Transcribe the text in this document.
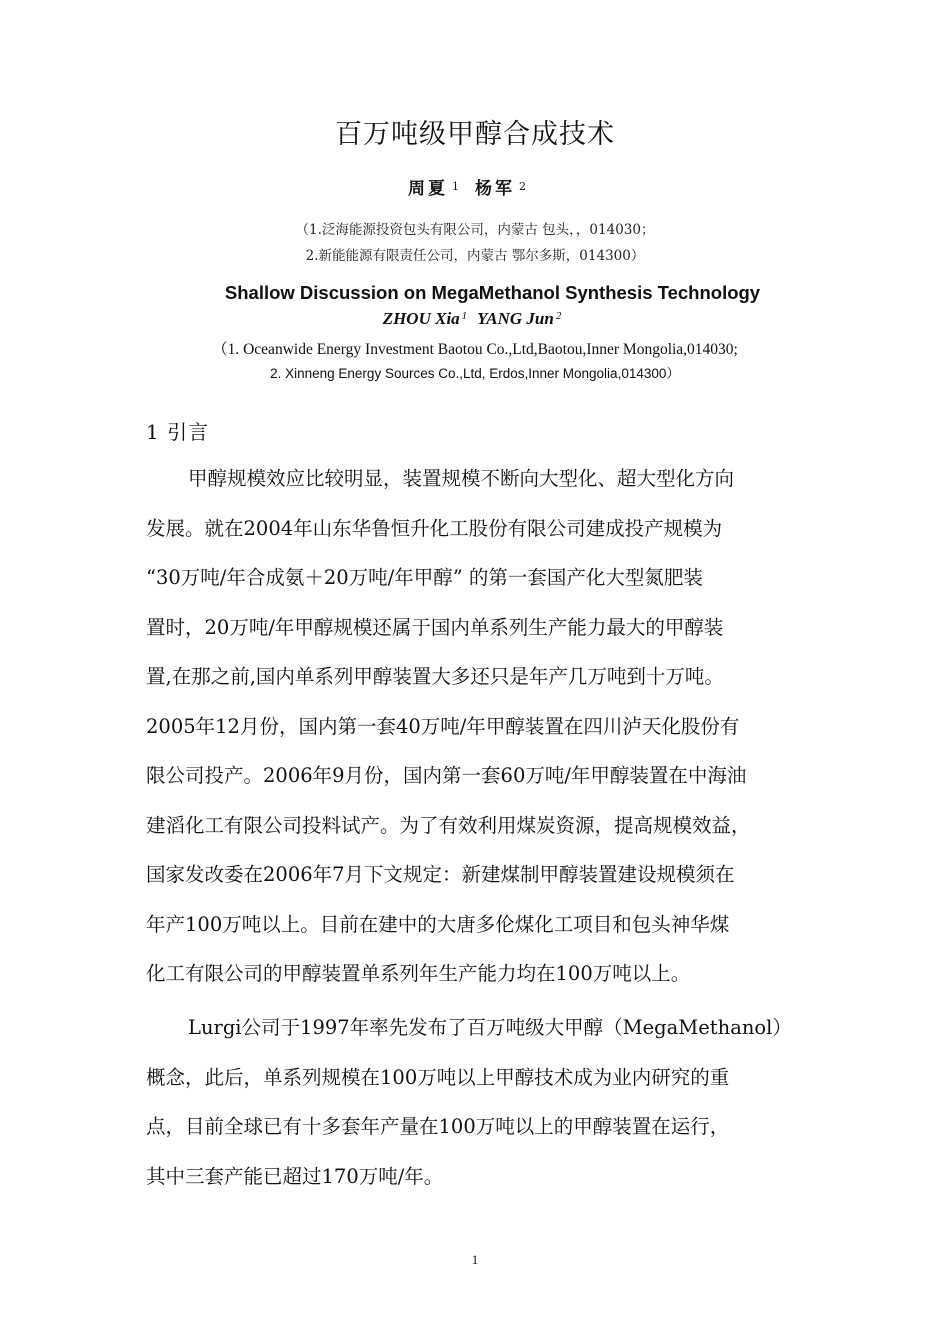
百万吨级甲醇合成技术
周夏 $^1$ 杨军 $^2$
（1.泛海能源投资包头有限公司，内蒙古 包头，，014030；
2.新能能源有限责任公司，内蒙古 鄂尔多斯，014300）
Shallow Discussion on MegaMethanol Synthesis Technology
ZHOU Xia $^1$ YANG Jun $^2$
（1. Oceanwide Energy Investment Baotou Co.,Ltd,Baotou,Inner Mongolia,014030;
2. Xinneng Energy Sources Co.,Ltd, Erdos,Inner Mongolia,014300）
1 引言
甲醇规模效应比较明显，装置规模不断向大型化、超大型化方向
发展。就在2004年山东华鲁恒升化工股份有限公司建成投产规模为
“30万吨/年合成氨＋20万吨/年甲醇” 的第一套国产化大型氮肥装
置时，20万吨/年甲醇规模还属于国内单系列生产能力最大的甲醇装
置,在那之前,国内单系列甲醇装置大多还只是年产几万吨到十万吨。
2005年12月份，国内第一套40万吨/年甲醇装置在四川泸天化股份有
限公司投产。2006年9月份，国内第一套60万吨/年甲醇装置在中海油
建滔化工有限公司投料试产。为了有效利用煤炭资源，提高规模效益，
国家发改委在2006年7月下文规定：新建煤制甲醇装置建设规模须在
年产100万吨以上。目前在建中的大唐多伦煤化工项目和包头神华煤
化工有限公司的甲醇装置单系列年生产能力均在100万吨以上。
Lurgi公司于1997年率先发布了百万吨级大甲醇（MegaMethanol）
概念，此后，单系列规模在100万吨以上甲醇技术成为业内研究的重
点，目前全球已有十多套年产量在100万吨以上的甲醇装置在运行，
其中三套产能已超过170万吨/年。
1
